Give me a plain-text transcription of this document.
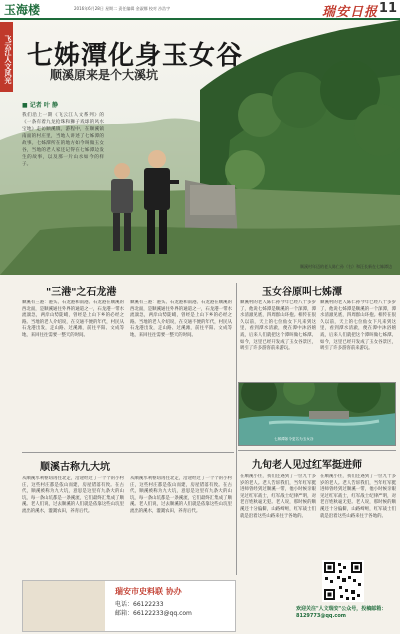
玉海楼	2016年6月28日 星期二 责任编辑 金淑娜 校对 沙浩宇	瑞安日报 11
飞云江人文风光 七姊潭化身玉女谷
顺溪原来是个大溪坑
■ 记者 叶 静

我们沿上一期《飞云江人文系列》的《一条有着九龙抢珠和狮子戏球的风水宝地》走访顺溪镇，游程中，在顺溪镇南面的村庄里，当地人讲述了七姊潭的故事。七姊潭所在的地方如今叫做玉女谷，当地的老人家还记得在七姊潭边发生的故事，以及那一片山水如今的样子。

顺溪村年迈的老人陈仁孙（右）和汪长新在七姊潭边
"三港"之石龙港
顺溪有三港：港头、石龙港和南港。石龙港在顺溪的西北面，是顺溪通往外界的通道之一，石龙港一带水流湍急，两岸山势陡峭，曾经是上山下乡的必经之路。当地的老人介绍说，在交通不便的年代，村民从石龙港出发，走山路、过溪滩，前往平阳、文成等地，来回往往需要一整天的时间。
顺溪有三港：港头、石龙港和南港。石龙港在顺溪的西北面，是顺溪通往外界的通道之一，石龙港一带水流湍急，两岸山势陡峭，曾经是上山下乡的必经之路。当地的老人介绍说，在交通不便的年代，村民从石龙港出发，走山路、过溪滩，前往平阳、文成等地，来回往往需要一整天的时间。
顺溪古称九大坑
从顺溪水利枢纽再往北走，沿途经过了一个个的小村庄，这些村庄都是依山而建，房屋错落有致。在古代，顺溪被称为九大坑，意思是这里有九条大的山坑，每一条山坑都是一条溪流，它们最终汇集成了顺溪。老人们说，过去顺溪的人们就是依靠这些山坑里流出的溪水，灌溉农田，养育后代。
从顺溪水利枢纽再往北走，沿途经过了一个个的小村庄，这些村庄都是依山而建，房屋错落有致。在古代，顺溪被称为九大坑，意思是这里有九条大的山坑，每一条山坑都是一条溪流，它们最终汇集成了顺溪。老人们说，过去顺溪的人们就是依靠这些山坑里流出的溪水，灌溉农田，养育后代。
玉女谷原叫七姊潭
顺溪村的老人陈仁孙今年已经八十多岁了，他说七姊潭是顺溪的一个深潭，潭水清澈见底，四周群山环抱。相传在很久以前，天上的七位仙女下凡来到这里，看到潭水清澈，便在潭中沐浴嬉戏，后来人们就把这个潭叫做七姊潭。如今，这里已经开发成了玉女谷景区，吸引了许多游客前来游玩。
顺溪村的老人陈仁孙今年已经八十多岁了，他说七姊潭是顺溪的一个深潭，潭水清澈见底，四周群山环抱。相传在很久以前，天上的七位仙女下凡来到这里，看到潭水清澈，便在潭中沐浴嬉戏，后来人们就把这个潭叫做七姊潭。如今，这里已经开发成了玉女谷景区，吸引了许多游客前来游玩。
七姊潭如今更名为玉女谷
九旬老人见过红军挺进师
在顺溪小住，我们还遇到了一位九十多岁的老人。老人告诉我们，当年红军挺进师曾经到过顺溪一带，他小时候亲眼见过红军战士，红军战士纪律严明，对老百姓秋毫无犯。老人说，那时候的顺溪还十分偏僻，山路崎岖，红军战士们就是沿着这些山路来往于各地的。
在顺溪小住，我们还遇到了一位九十多岁的老人。老人告诉我们，当年红军挺进师曾经到过顺溪一带，他小时候亲眼见过红军战士，红军战士纪律严明，对老百姓秋毫无犯。老人说，那时候的顺溪还十分偏僻，山路崎岖，红军战士们就是沿着这些山路来往于各地的。
瑞安市史料联 协办
电话：66122233
邮箱：66122233@qq.com
欢迎关注"人文瑞安"公众号，投稿邮箱：8129773@qq.com
